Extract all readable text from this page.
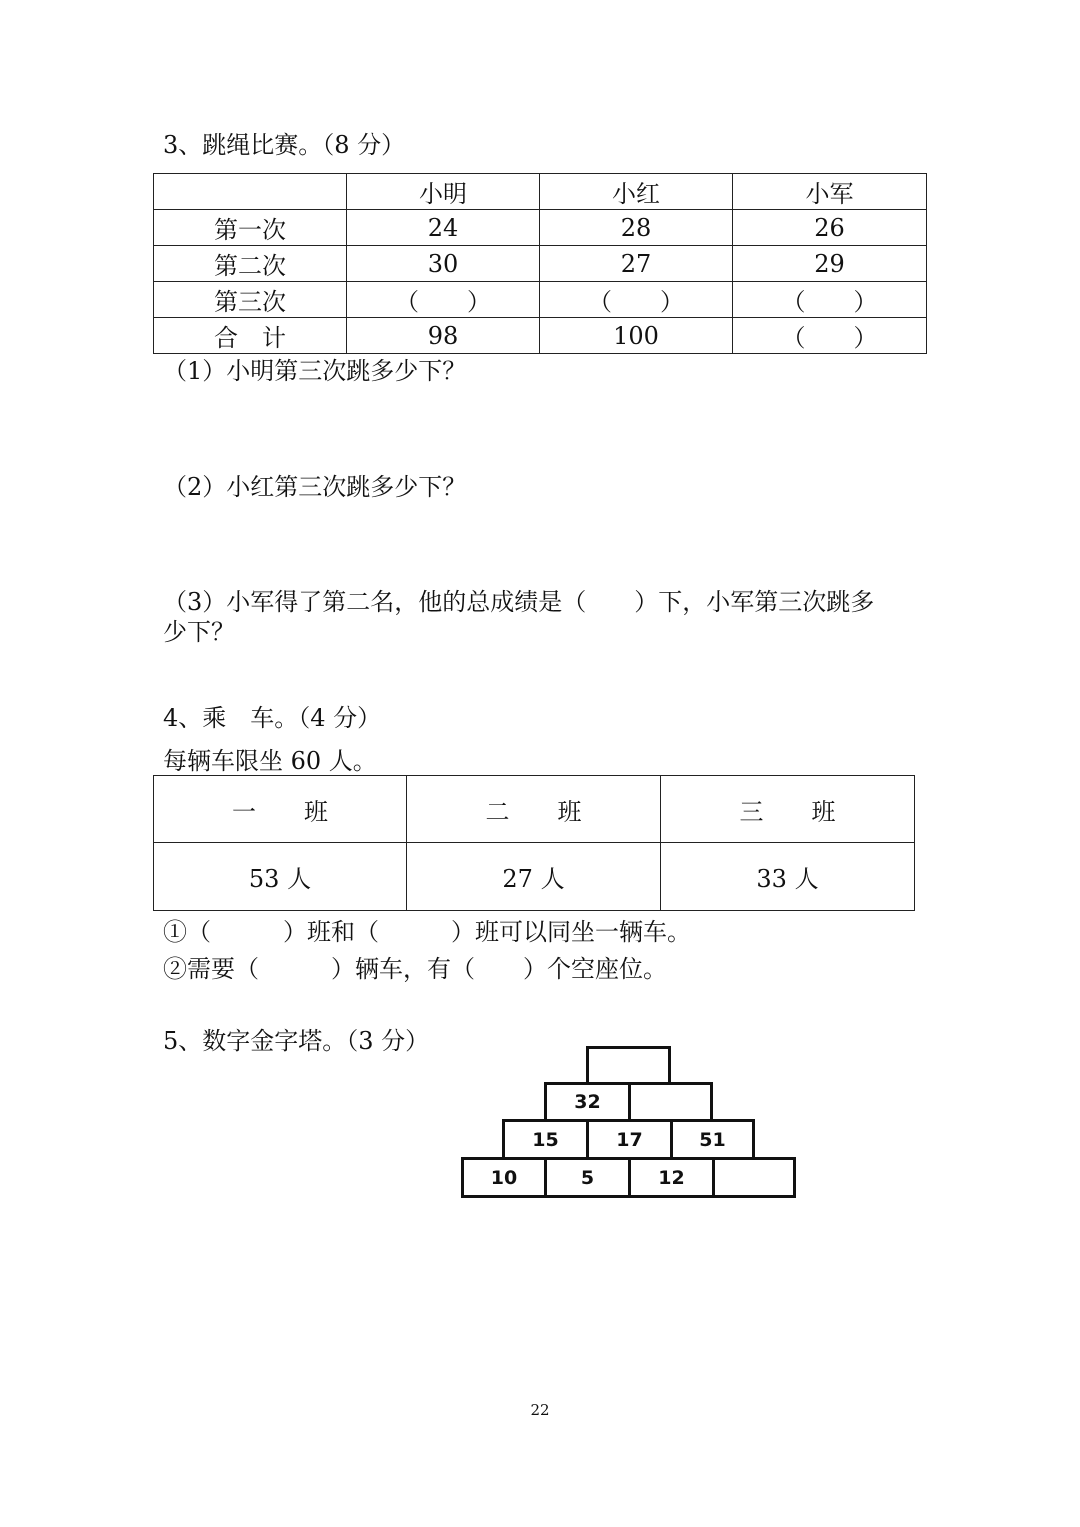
3、跳绳比赛。（8 分）
	小明	小红	小军
第一次	24	28	26
第二次	30	27	29
第三次	（　　）	（　　）	（　　）
合　计	98	100	（　　）
（1）小明第三次跳多少下？
（2）小红第三次跳多少下？
（3）小军得了第二名，他的总成绩是（　　）下，小军第三次跳多
少下？
4、乘　车。（4 分）
每辆车限坐 60 人。
一　　班	二　　班	三　　班
53 人	27 人	33 人
①（　　　）班和（　　　）班可以同坐一辆车。
②需要（　　　）辆车，有（　　）个空座位。
5、数字金字塔。（3 分）
32
15	17	51
10	5	12
22
